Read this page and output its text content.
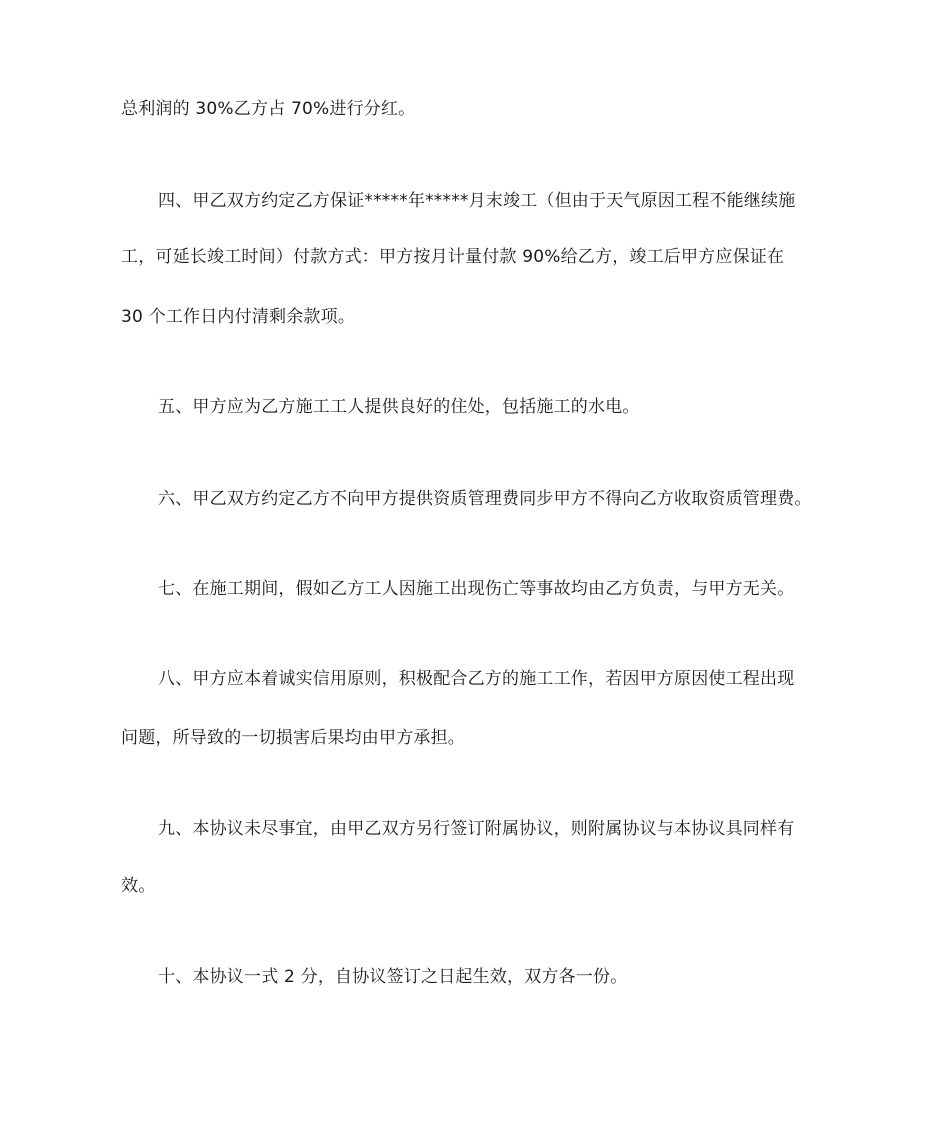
总利润的 30%乙方占 70%进行分红。
四、甲乙双方约定乙方保证*****年*****月末竣工（但由于天气原因工程不能继续施
工，可延长竣工时间）付款方式：甲方按月计量付款 90%给乙方，竣工后甲方应保证在
30 个工作日内付清剩余款项。
五、甲方应为乙方施工工人提供良好的住处，包括施工的水电。
六、甲乙双方约定乙方不向甲方提供资质管理费同步甲方不得向乙方收取资质管理费。
七、在施工期间，假如乙方工人因施工出现伤亡等事故均由乙方负责，与甲方无关。
八、甲方应本着诚实信用原则，积极配合乙方的施工工作，若因甲方原因使工程出现
问题，所导致的一切损害后果均由甲方承担。
九、本协议未尽事宜，由甲乙双方另行签订附属协议，则附属协议与本协议具同样有
效。
十、本协议一式 2 分，自协议签订之日起生效，双方各一份。
